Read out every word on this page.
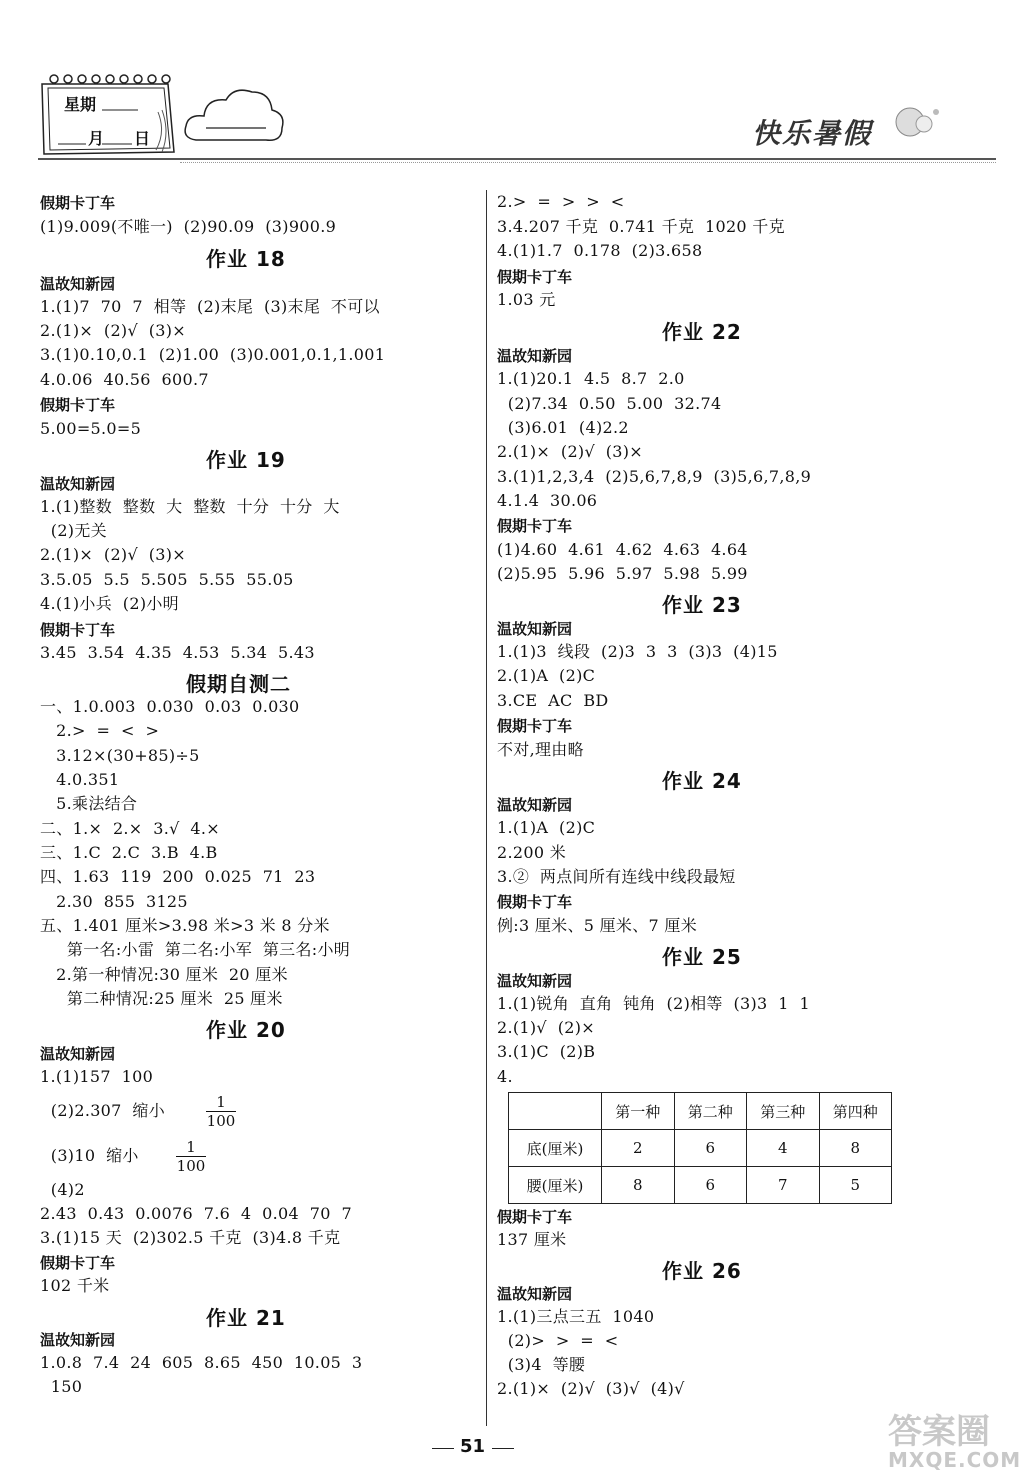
星期
月 日	快乐暑假
假期卡丁车
(1)9.009(不唯一)  (2)90.09  (3)900.9
作业 18
温故知新园
1.(1)7  70  7  相等  (2)末尾  (3)末尾  不可以
2.(1)×  (2)√  (3)×
3.(1)0.10,0.1  (2)1.00  (3)0.001,0.1,1.001
4.0.06  40.56  600.7
假期卡丁车
5.00=5.0=5
作业 19
温故知新园
1.(1)整数  整数  大  整数  十分  十分  大
(2)无关
2.(1)×  (2)√  (3)×
3.5.05  5.5  5.505  5.55  55.05
4.(1)小兵  (2)小明
假期卡丁车
3.45  3.54  4.35  4.53  5.34  5.43
假期自测二
一、1.0.003  0.030  0.03  0.030
2.>  =  <  >
3.12×(30+85)÷5
4.0.351
5.乘法结合
二、1.×  2.×  3.√  4.×
三、1.C  2.C  3.B  4.B
四、1.63  119  200  0.025  71  23
2.30  855  3125
五、1.401 厘米>3.98 米>3 米 8 分米
第一名:小雷  第二名:小军  第三名:小明
2.第一种情况:30 厘米  20 厘米
第二种情况:25 厘米  25 厘米
作业 20
温故知新园
1.(1)157  100
(2)2.307  缩小	$\frac{1}{100}$
(3)10  缩小 $\frac{1}{100}$
(4)2
2.43  0.43  0.0076  7.6  4  0.04  70  7
3.(1)15 天  (2)302.5 千克  (3)4.8 千克
假期卡丁车
102 千米
作业 21
温故知新园
1.0.8  7.4  24  605  8.65  450  10.05  3
150
2.>  =  >  >  <
3.4.207 千克  0.741 千克  1020 千克
4.(1)1.7  0.178  (2)3.658
假期卡丁车
1.03 元
作业 22
温故知新园
1.(1)20.1  4.5  8.7  2.0
(2)7.34  0.50  5.00  32.74
(3)6.01  (4)2.2
2.(1)×  (2)√  (3)×
3.(1)1,2,3,4  (2)5,6,7,8,9  (3)5,6,7,8,9
4.1.4  30.06
假期卡丁车
(1)4.60  4.61  4.62  4.63  4.64
(2)5.95  5.96  5.97  5.98  5.99
作业 23
温故知新园
1.(1)3  线段  (2)3  3  3  (3)3  (4)15
2.(1)A  (2)C
3.CE  AC  BD
假期卡丁车
不对,理由略
作业 24
温故知新园
1.(1)A  (2)C
2.200 米
3.②  两点间所有连线中线段最短
假期卡丁车
例:3 厘米、5 厘米、7 厘米
作业 25
温故知新园
1.(1)锐角  直角  钝角  (2)相等  (3)3  1  1
2.(1)√  (2)×
3.(1)C  (2)B
4.
	第一种	第二种	第三种	第四种
底(厘米)	2	6	4	8
腰(厘米)	8	6	7	5
假期卡丁车
137 厘米
作业 26
温故知新园
1.(1)三点三五  1040
(2)>  >  =  <
(3)4  等腰
2.(1)×  (2)√  (3)√  (4)√
51	答案圈
MXQE.COM
